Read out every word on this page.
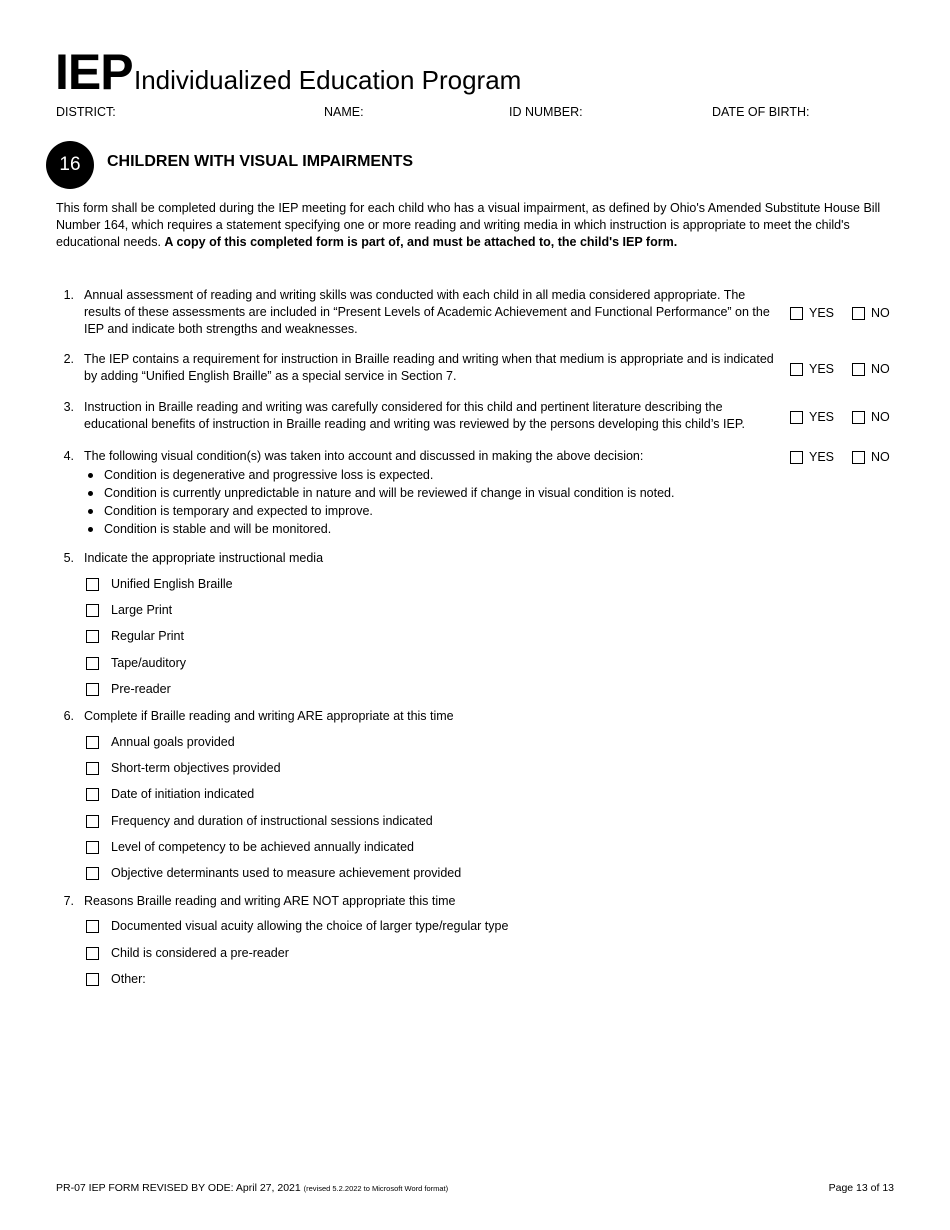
IEP Individualized Education Program
DISTRICT:	NAME:	ID NUMBER:	DATE OF BIRTH:
16	CHILDREN WITH VISUAL IMPAIRMENTS
This form shall be completed during the IEP meeting for each child who has a visual impairment, as defined by Ohio's Amended Substitute House Bill Number 164, which requires a statement specifying one or more reading and writing media in which instruction is appropriate to meet the child's educational needs. A copy of this completed form is part of, and must be attached to, the child's IEP form.
1. Annual assessment of reading and writing skills was conducted with each child in all media considered appropriate. The results of these assessments are included in “Present Levels of Academic Achievement and Functional Performance” on the IEP and indicate both strengths and weaknesses.
YES	NO
2. The IEP contains a requirement for instruction in Braille reading and writing when that medium is appropriate and is indicated by adding “Unified English Braille” as a special service in Section 7.	YES	NO
3. Instruction in Braille reading and writing was carefully considered for this child and pertinent literature describing the educational benefits of instruction in Braille reading and writing was reviewed by the persons developing this child’s IEP.	YES	NO
4. The following visual condition(s) was taken into account and discussed in making the above decision:	YES	NO
Condition is degenerative and progressive loss is expected.
Condition is currently unpredictable in nature and will be reviewed if change in visual condition is noted.
Condition is temporary and expected to improve.
Condition is stable and will be monitored.
5. Indicate the appropriate instructional media
Unified English Braille
Large Print
Regular Print
Tape/auditory
Pre-reader
6. Complete if Braille reading and writing ARE appropriate at this time
Annual goals provided
Short-term objectives provided
Date of initiation indicated
Frequency and duration of instructional sessions indicated
Level of competency to be achieved annually indicated
Objective determinants used to measure achievement provided
7. Reasons Braille reading and writing ARE NOT appropriate this time
Documented visual acuity allowing the choice of larger type/regular type
Child is considered a pre-reader
Other:
PR-07 IEP FORM REVISED BY ODE: April 27, 2021 (revised 5.2.2022 to Microsoft Word format)	Page 13 of 13
